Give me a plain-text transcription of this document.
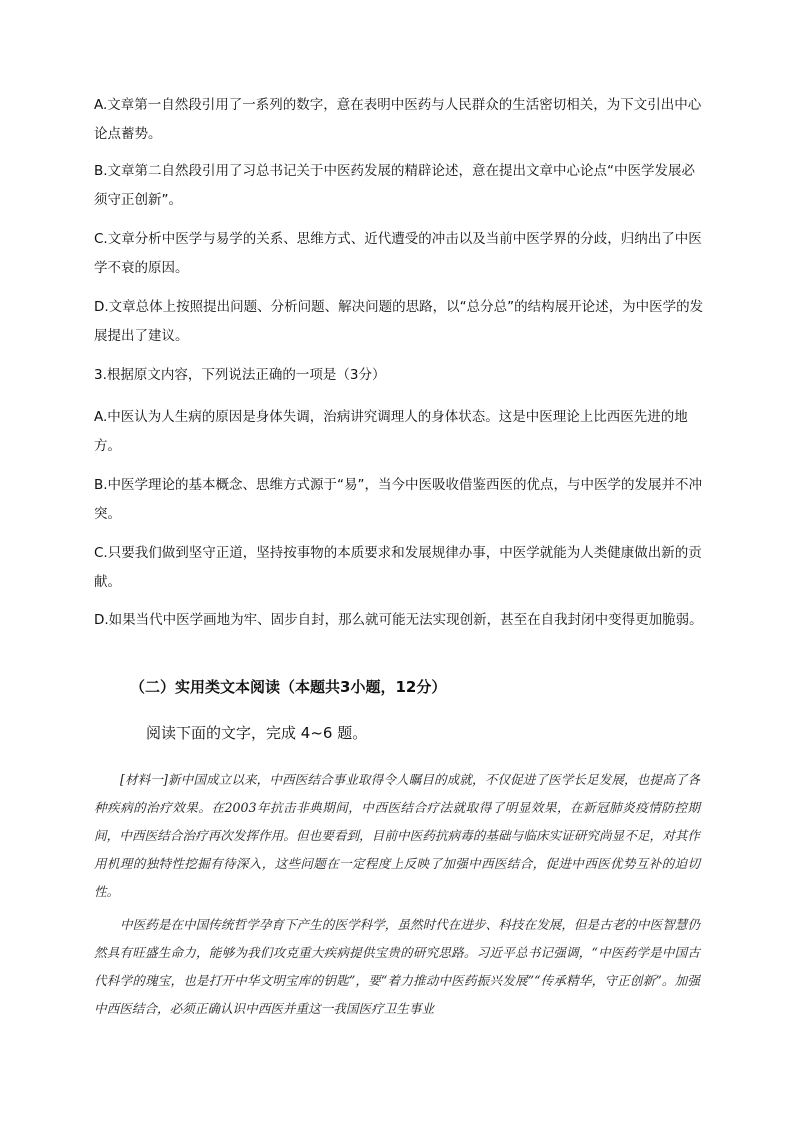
A.文章第一自然段引用了一系列的数字，意在表明中医药与人民群众的生活密切相关，为下文引出中心论点蓄势。

B.文章第二自然段引用了习总书记关于中医药发展的精辟论述，意在提出文章中心论点“中医学发展必须守正创新”。

C.文章分析中医学与易学的关系、思维方式、近代遭受的冲击以及当前中医学界的分歧，归纳出了中医学不衰的原因。

D.文章总体上按照提出问题、分析问题、解决问题的思路，以“总分总”的结构展开论述，为中医学的发展提出了建议。

3.根据原文内容，下列说法正确的一项是（3分）

A.中医认为人生病的原因是身体失调，治病讲究调理人的身体状态。这是中医理论上比西医先进的地方。

B.中医学理论的基本概念、思维方式源于“易”，当今中医吸收借鉴西医的优点，与中医学的发展并不冲突。

C.只要我们做到坚守正道，坚持按事物的本质要求和发展规律办事，中医学就能为人类健康做出新的贡献。

D.如果当代中医学画地为牢、固步自封，那么就可能无法实现创新，甚至在自我封闭中变得更加脆弱。

（二）实用类文本阅读（本题共3小题，12分）

阅读下面的文字，完成 4~6 题。

[材料一]新中国成立以来，中西医结合事业取得令人瞩目的成就，不仅促进了医学长足发展，也提高了各种疾病的治疗效果。在2003年抗击非典期间，中西医结合疗法就取得了明显效果，在新冠肺炎疫情防控期间，中西医结合治疗再次发挥作用。但也要看到，目前中医药抗病毒的基础与临床实证研究尚显不足，对其作用机理的独特性挖掘有待深入，这些问题在一定程度上反映了加强中西医结合，促进中西医优势互补的迫切性。

中医药是在中国传统哲学孕育下产生的医学科学，虽然时代在进步、科技在发展，但是古老的中医智慧仍然具有旺盛生命力，能够为我们攻克重大疾病提供宝贵的研究思路。习近平总书记强调，“中医药学是中国古代科学的瑰宝，也是打开中华文明宝库的钥匙”，要“着力推动中医药振兴发展”“传承精华，守正创新”。加强中西医结合，必须正确认识中西医并重这一我国医疗卫生事业
